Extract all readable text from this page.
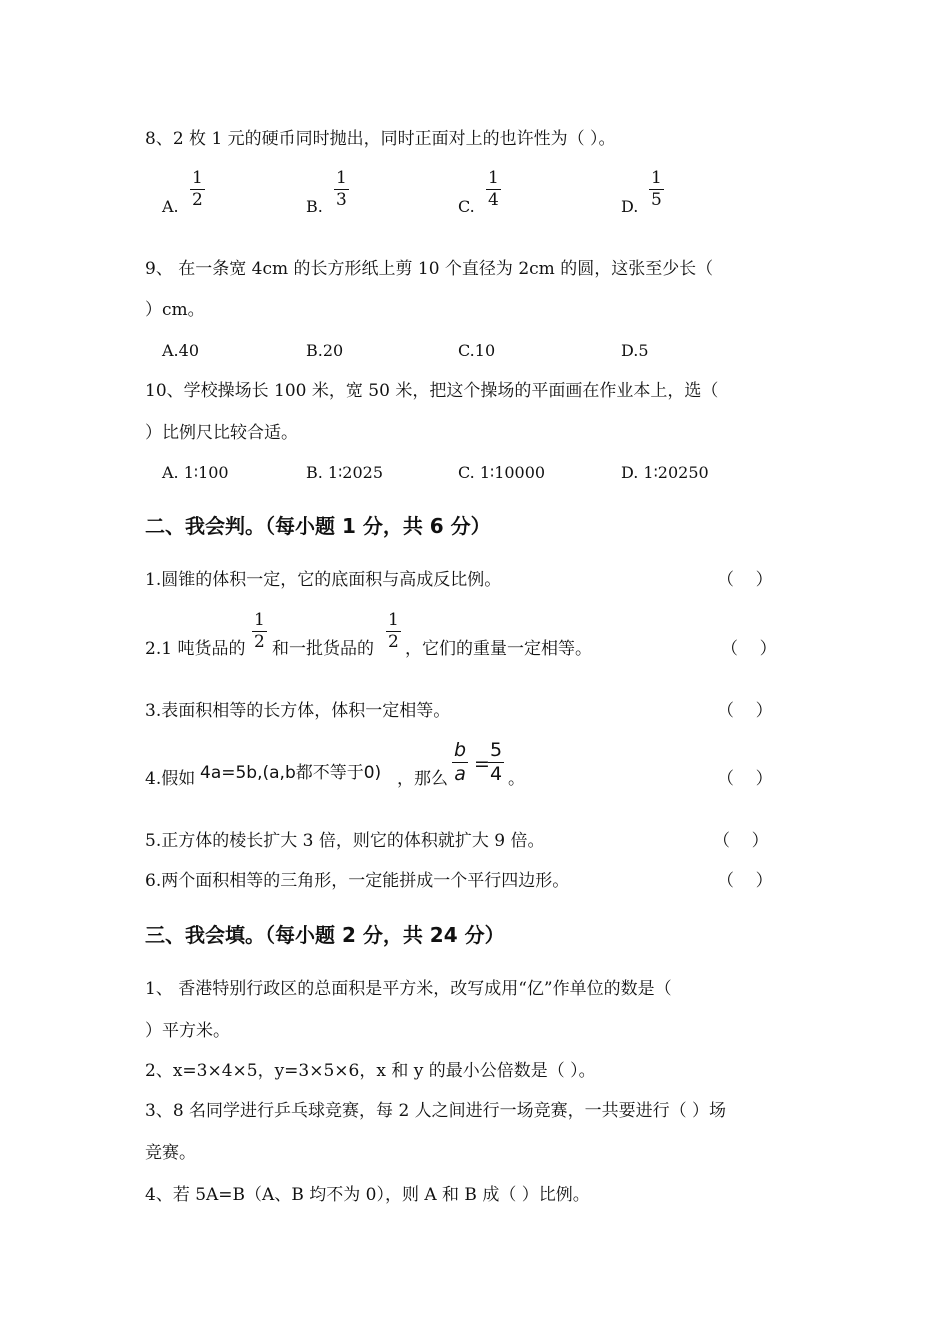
8、2 枚 1 元的硬币同时抛出，同时正面对上的也许性为（ ）。
A.
1
2	B.
1
3	C.
1
4	D.
1
5
9、 在一条宽 4cm 的长方形纸上剪 10 个直径为 2cm 的圆，这张至少长（
）cm。
A.40	B.20	C.10	D.5
10、学校操场长 100 米，宽 50 米，把这个操场的平面画在作业本上，选（
）比例尺比较合适。
A. 1∶100	B. 1∶2025	C. 1∶10000	D. 1∶20250
二、我会判。（每小题 1 分，共 6 分）
1.圆锥的体积一定，它的底面积与高成反比例。	（    ）
2.1 吨货品的
1
2 和一批货品的
1
2 ，它们的重量一定相等。	（    ）
3.表面积相等的长方体，体积一定相等。	（    ）
4.假如 4a=5b,(a,b都不等于0) ，那么
b
a =
5
4 。	（    ）
5.正方体的棱长扩大 3 倍，则它的体积就扩大 9 倍。	（    ）
6.两个面积相等的三角形，一定能拼成一个平行四边形。	（    ）
三、我会填。（每小题 2 分，共 24 分）
1、 香港特别行政区的总面积是平方米，改写成用“亿”作单位的数是（
）平方米。
2、x=3×4×5，y=3×5×6，x 和 y 的最小公倍数是（ ）。
3、8 名同学进行乒乓球竞赛，每 2 人之间进行一场竞赛，一共要进行（ ）场
竞赛。
4、若 5A=B（A、B 均不为 0），则 A 和 B 成（ ）比例。
